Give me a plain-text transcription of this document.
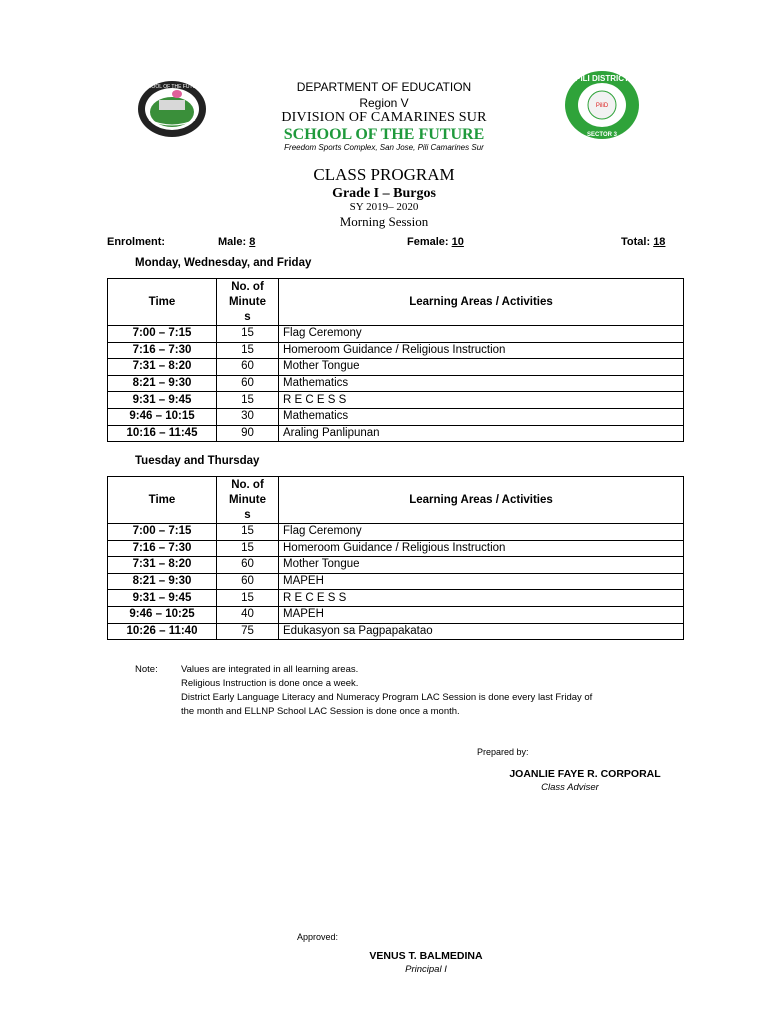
SCHOOL OF THE FUTURE
PiliD
PILI DISTRICT
SECTOR 3
DEPARTMENT OF EDUCATION
Region V
DIVISION OF CAMARINES SUR
SCHOOL OF THE FUTURE
Freedom Sports Complex, San Jose, Pili Camarines Sur
CLASS PROGRAM
Grade I – Burgos
SY 2019– 2020
Morning Session
Enrolment:	Male: 8	Female: 10	Total: 18
Monday, Wednesday, and Friday
Time	No. of
Minute
s	Learning Areas / Activities
7:00 – 7:15	15	Flag Ceremony
7:16 – 7:30	15	Homeroom Guidance / Religious Instruction
7:31 – 8:20	60	Mother Tongue
8:21 – 9:30	60	Mathematics
9:31 – 9:45	15	R E C E S S
9:46 – 10:15	30	Mathematics
10:16 – 11:45	90	Araling Panlipunan
Tuesday and Thursday
Time	No. of
Minute
s	Learning Areas / Activities
7:00 – 7:15	15	Flag Ceremony
7:16 – 7:30	15	Homeroom Guidance / Religious Instruction
7:31 – 8:20	60	Mother Tongue
8:21 – 9:30	60	MAPEH
9:31 – 9:45	15	R E C E S S
9:46 – 10:25	40	MAPEH
10:26 – 11:40	75	Edukasyon sa Pagpapakatao
Note: Values are integrated in all learning areas.
Religious Instruction is done once a week.
District Early Language Literacy and Numeracy Program LAC Session is done every last Friday of
the month and ELLNP School LAC Session is done once a month.
Prepared by:
JOANLIE FAYE R. CORPORAL
Class Adviser
Approved:
VENUS T. BALMEDINA
Principal I
